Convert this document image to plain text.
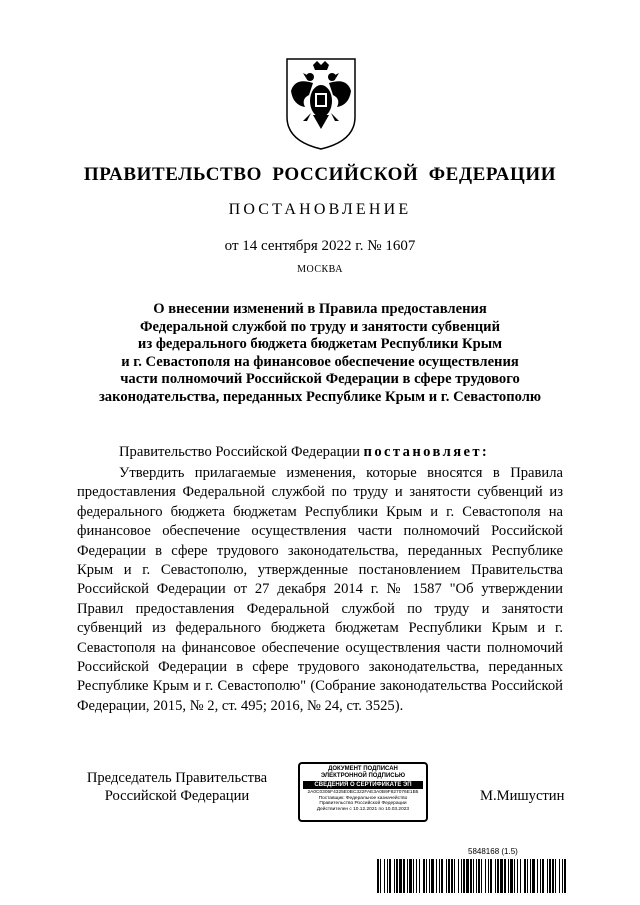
ПРАВИТЕЛЬСТВО РОССИЙСКОЙ ФЕДЕРАЦИИ
ПОСТАНОВЛЕНИЕ
от 14 сентября 2022 г. № 1607
МОСКВА
О внесении изменений в Правила предоставления
Федеральной службой по труду и занятости субвенций
из федерального бюджета бюджетам Республики Крым
и г. Севастополя на финансовое обеспечение осуществления
части полномочий Российской Федерации в сфере трудового
законодательства, переданных Республике Крым и г. Севастополю
Правительство Российской Федерации постановляет:
Утвердить прилагаемые изменения, которые вносятся в Правила предоставления Федеральной службой по труду и занятости субвенций из федерального бюджета бюджетам Республики Крым и г. Севастополя на финансовое обеспечение осуществления части полномочий Российской Федерации в сфере трудового законодательства, переданных Республике Крым и г. Севастополю, утвержденные постановлением Правительства Российской Федерации от 27 декабря 2014 г. № 1587 "Об утверждении Правил предоставления Федеральной службой по труду и занятости субвенций из федерального бюджета бюджетам Республики Крым и г. Севастополя на финансовое обеспечение осуществления части полномочий Российской Федерации в сфере трудового законодательства, переданных Республике Крым и г. Севастополю" (Собрание законодательства Российской Федерации, 2015, № 2, ст. 495; 2016, № 24, ст. 3525).
Председатель Правительства
Российской Федерации
ДОКУМЕНТ ПОДПИСАН
ЭЛЕКТРОННОЙ ПОДПИСЬЮ
СВЕДЕНИЯ О СЕРТИФИКАТЕ ЭП
2A0C0305F4325E0BC322FAE3A0B9F827076E1B5
Поставщик: Федеральное казначейство
Правительство Российской Федерации
Действителен с 10.12.2021 по 10.03.2023
М.Мишустин
5848168 (1.5)
